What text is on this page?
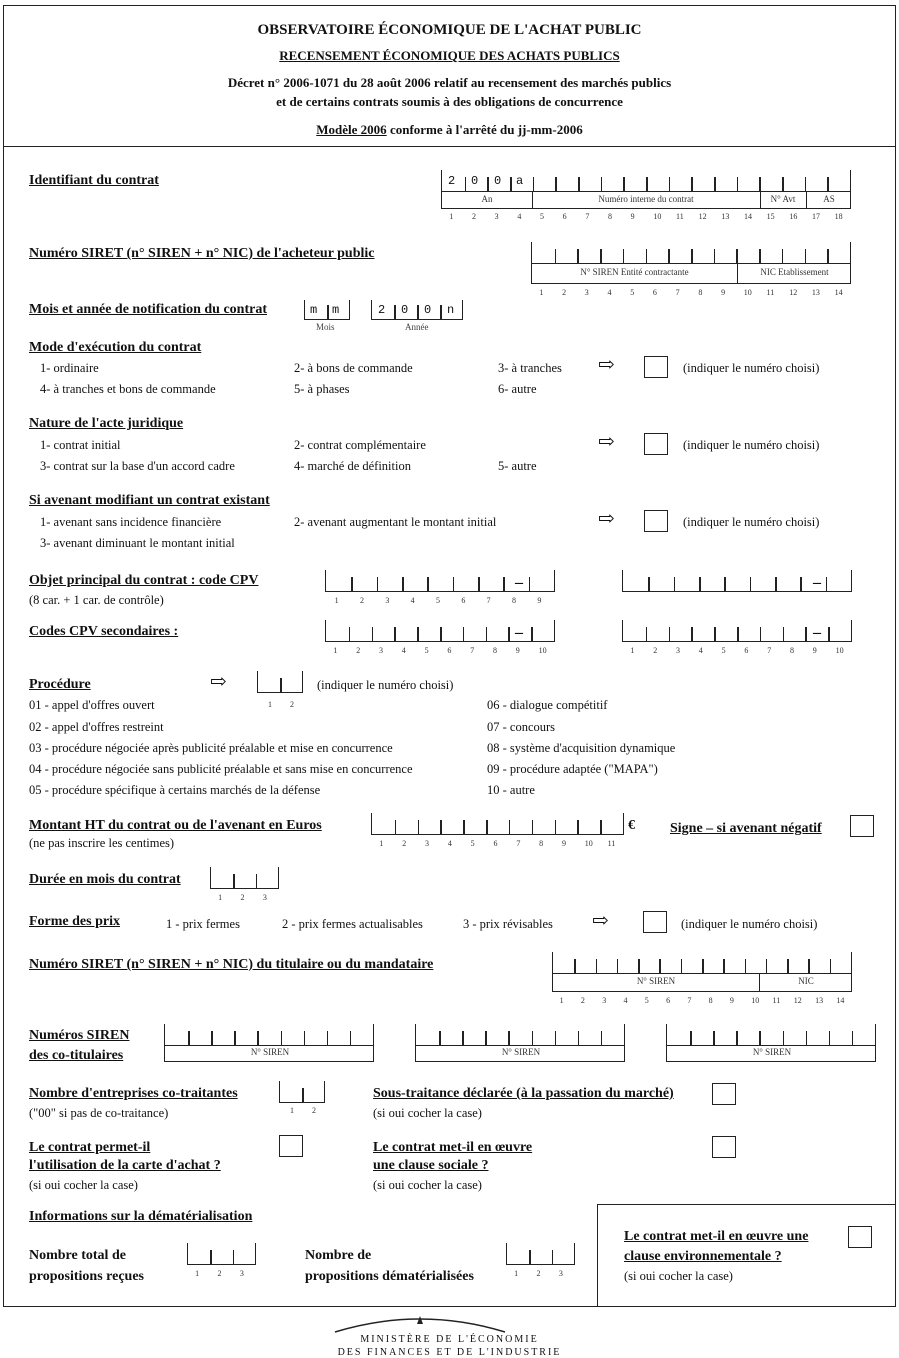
OBSERVATOIRE ÉCONOMIQUE DE L'ACHAT PUBLIC
RECENSEMENT ÉCONOMIQUE DES ACHATS PUBLICS
Décret n° 2006-1071 du 28 août 2006 relatif au recensement des marchés publics
et de certains contrats soumis à des obligations de concurrence
Modèle 2006 conforme à l'arrêté du jj-mm-2006
Identifiant du contrat	2 0 0 a
An	Numéro interne du contrat	N° Avt	AS
1 2 3 4 5 6 7 8 9 10 11 12 13 14 15 16 17 18
Numéro SIRET (n° SIREN + n° NIC) de l'acheteur public
N° SIREN Entité contractante	NIC Etablissement
1 2 3 4 5 6 7 8 9 10 11 12 13 14
Mois et année de notification du contrat	m m	2 0 0 n
Mois	Année
Mode d'exécution du contrat
1- ordinaire	2- à bons de commande	3- à tranches
4- à tranches et bons de commande	5- à phases	6- autre
⇨	(indiquer le numéro choisi)
Nature de l'acte juridique
1- contrat initial	2- contrat complémentaire
3- contrat sur la base d'un accord cadre	4- marché de définition	5- autre
⇨	(indiquer le numéro choisi)
Si avenant modifiant un contrat existant
1- avenant sans incidence financière	2- avenant augmentant le montant initial
3- avenant diminuant le montant initial
⇨	(indiquer le numéro choisi)
Objet principal du contrat : code CPV
(8 car. + 1 car. de contrôle)
–
1	2	3	4	5	6	7	8	9
–
Codes CPV secondaires :	–
1 2 3 4 5 6 7 8 9 10
–
1 2 3 4 5 6 7 8 9 10
Procédure	⇨
1 2
(indiquer le numéro choisi)
01 - appel d'offres ouvert
02 - appel d'offres restreint
03 - procédure négociée après publicité préalable et mise en concurrence
04 - procédure négociée sans publicité préalable et sans mise en concurrence
05 - procédure spécifique à certains marchés de la défense
06 - dialogue compétitif
07 - concours
08 - système d'acquisition dynamique
09 - procédure adaptée ("MAPA")
10 - autre
Montant HT du contrat ou de l'avenant en Euros
(ne pas inscrire les centimes)	1 2 3 4 5 6 7 8 9 10 11
€	Signe – si avenant négatif
Durée en mois du contrat
1 2 3
Forme des prix	1 - prix fermes	2 - prix fermes actualisables	3 - prix révisables ⇨	(indiquer le numéro choisi)
Numéro SIRET (n° SIREN + n° NIC) du titulaire ou du mandataire
N° SIREN	NIC
1 2 3 4 5 6 7 8 9 10 11 12 13 14
Numéros SIREN
des co-titulaires	N° SIREN	N° SIREN	N° SIREN
Nombre d'entreprises co-traitantes
("00" si pas de co-traitance)	1 2
Sous-traitance déclarée (à la passation du marché)
(si oui cocher la case)
Le contrat permet-il
l'utilisation de la carte d'achat ?
(si oui cocher la case)
Le contrat met-il en œuvre
une clause sociale ?
(si oui cocher la case)
Informations sur la dématérialisation
Nombre total de
propositions reçues	1 2 3
Nombre de
propositions dématérialisées	1 2 3
Le contrat met-il en œuvre une
clause environnementale ?
(si oui cocher la case)
MINISTÈRE DE L'ÉCONOMIE
DES FINANCES ET DE L'INDUSTRIE
